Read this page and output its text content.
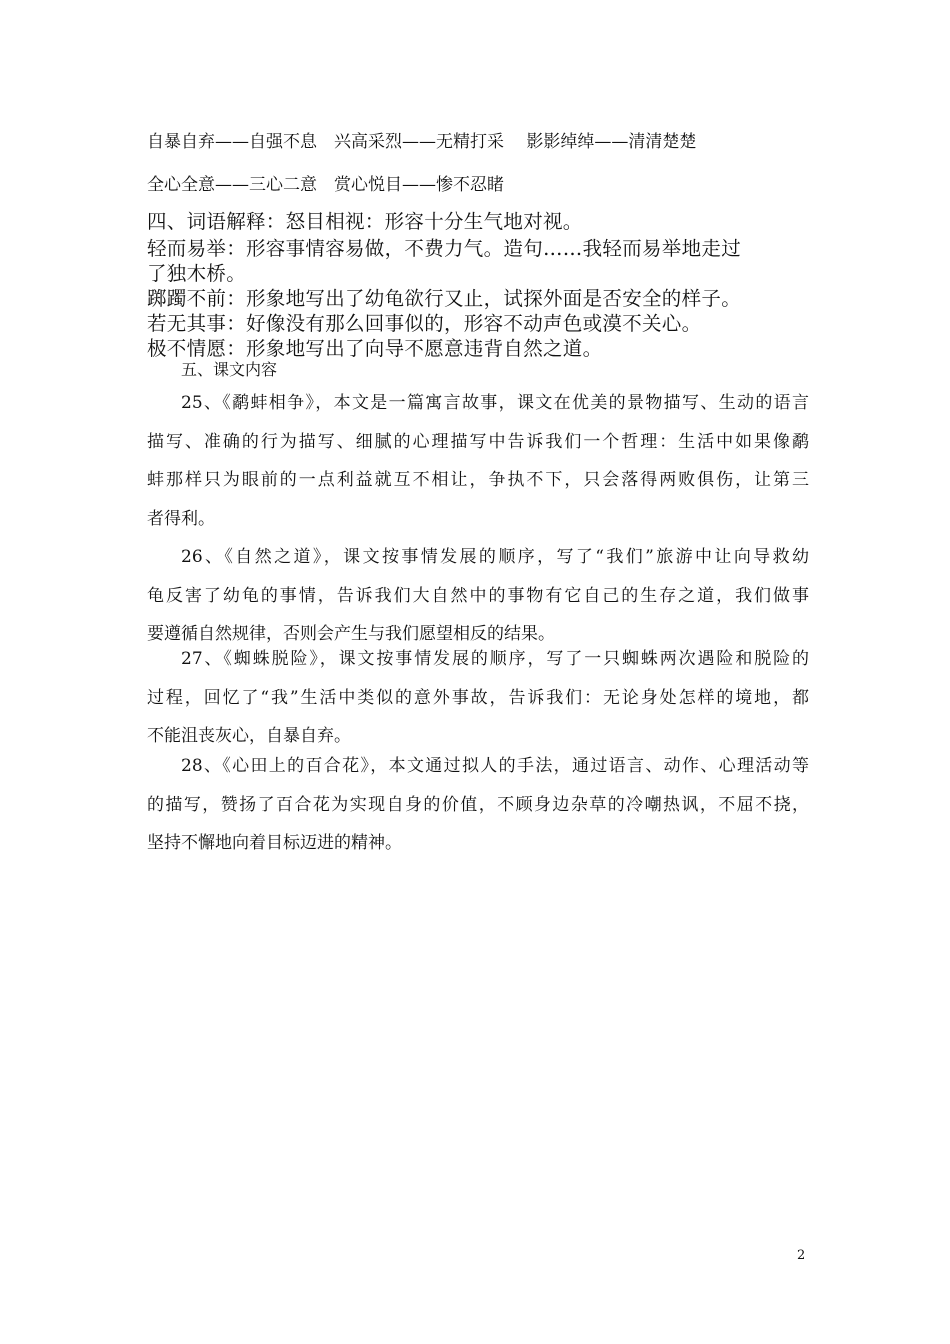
自暴自弃——自强不息　兴高采烈——无精打采　 影影绰绰——清清楚楚
全心全意——三心二意　赏心悦目——惨不忍睹
四、词语解释：怒目相视：形容十分生气地对视。
轻而易举：形容事情容易做，不费力气。造句……我轻而易举地走过
了独木桥。
踯躅不前：形象地写出了幼龟欲行又止，试探外面是否安全的样子。
若无其事：好像没有那么回事似的，形容不动声色或漠不关心。
极不情愿：形象地写出了向导不愿意违背自然之道。
五、课文内容
25、《鹬蚌相争》，本文是一篇寓言故事，课文在优美的景物描写、生动的语言
描写、准确的行为描写、细腻的心理描写中告诉我们一个哲理：生活中如果像鹬
蚌那样只为眼前的一点利益就互不相让，争执不下，只会落得两败俱伤，让第三
者得利。
26、《自然之道》，课文按事情发展的顺序，写了“我们”旅游中让向导救幼
龟反害了幼龟的事情，告诉我们大自然中的事物有它自己的生存之道，我们做事
要遵循自然规律，否则会产生与我们愿望相反的结果。
27、《蜘蛛脱险》，课文按事情发展的顺序，写了一只蜘蛛两次遇险和脱险的
过程，回忆了“我”生活中类似的意外事故，告诉我们：无论身处怎样的境地，都
不能沮丧灰心，自暴自弃。
28、《心田上的百合花》，本文通过拟人的手法，通过语言、动作、心理活动等
的描写，赞扬了百合花为实现自身的价值，不顾身边杂草的冷嘲热讽，不屈不挠，
坚持不懈地向着目标迈进的精神。
2
